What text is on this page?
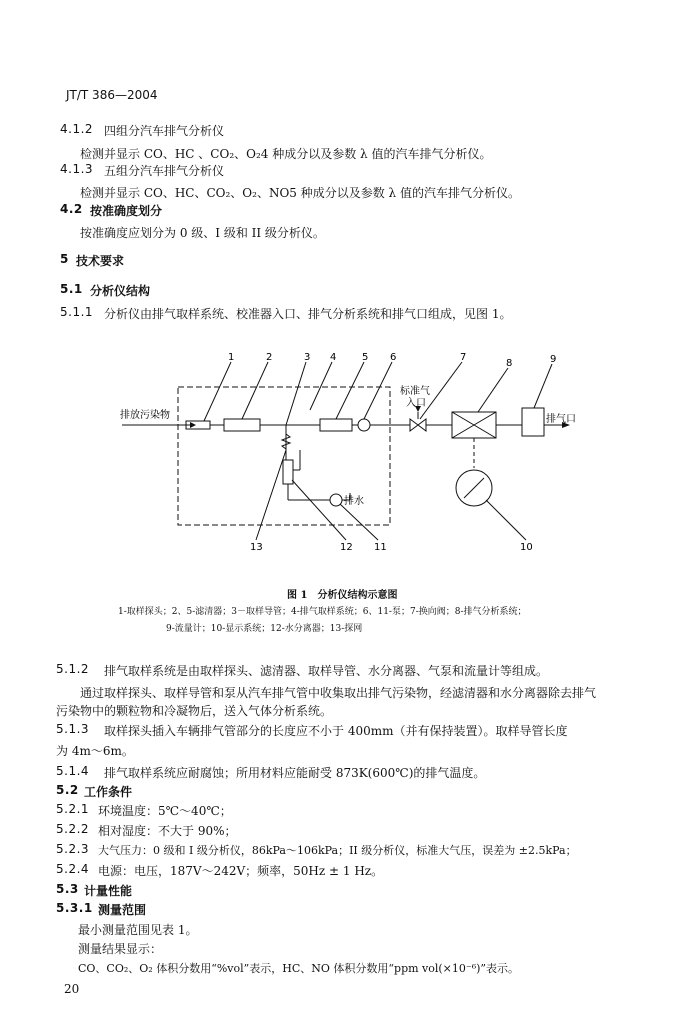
JT/T 386—2004
4.1.2 四组分汽车排气分析仪
检测并显示 CO、HC 、CO₂、O₂4 种成分以及参数 λ 值的汽车排气分析仪。
4.1.3 五组分汽车排气分析仪
检测并显示 CO、HC、CO₂、O₂、NO5 种成分以及参数 λ 值的汽车排气分析仪。
4.2 按准确度划分
按准确度应划分为 0 级、I 级和 II 级分析仪。
5 技术要求
5.1 分析仪结构
5.1.1 分析仪由排气取样系统、校准器入口、排气分析系统和排气口组成，见图 1。
排放污染物
标准气
入口
排水
排气口
1	2	3 4	5 6	7
8	9
13	12 11	10
图 1　分析仪结构示意图
1-取样探头；2、5-滤清器；3－取样导管；4-排气取样系统；6、11-泵；7-换向阀；8-排气分析系统；
9-流量计；10-显示系统；12-水分离器；13-探网
5.1.2 排气取样系统是由取样探头、滤清器、取样导管、水分离器、气泵和流量计等组成。
通过取样探头、取样导管和泵从汽车排气管中收集取出排气污染物，经滤清器和水分离器除去排气
污染物中的颗粒物和冷凝物后，送入气体分析系统。
5.1.3 取样探头插入车辆排气管部分的长度应不小于 400mm（并有保持装置）。取样导管长度
为 4m～6m。
5.1.4 排气取样系统应耐腐蚀；所用材料应能耐受 873K(600℃)的排气温度。
5.2 工作条件
5.2.1 环境温度：5℃～40℃；
5.2.2 相对湿度：不大于 90%；
5.2.3 大气压力：0 级和 I 级分析仪，86kPa～106kPa；II 级分析仪，标准大气压，误差为 ±2.5kPa；
5.2.4 电源：电压，187V～242V；频率，50Hz ± 1 Hz。
5.3 计量性能
5.3.1 测量范围
最小测量范围见表 1。
测量结果显示：
CO、CO₂、O₂ 体积分数用“%vol”表示，HC、NO 体积分数用“ppm vol(×10⁻⁶)”表示。
20
